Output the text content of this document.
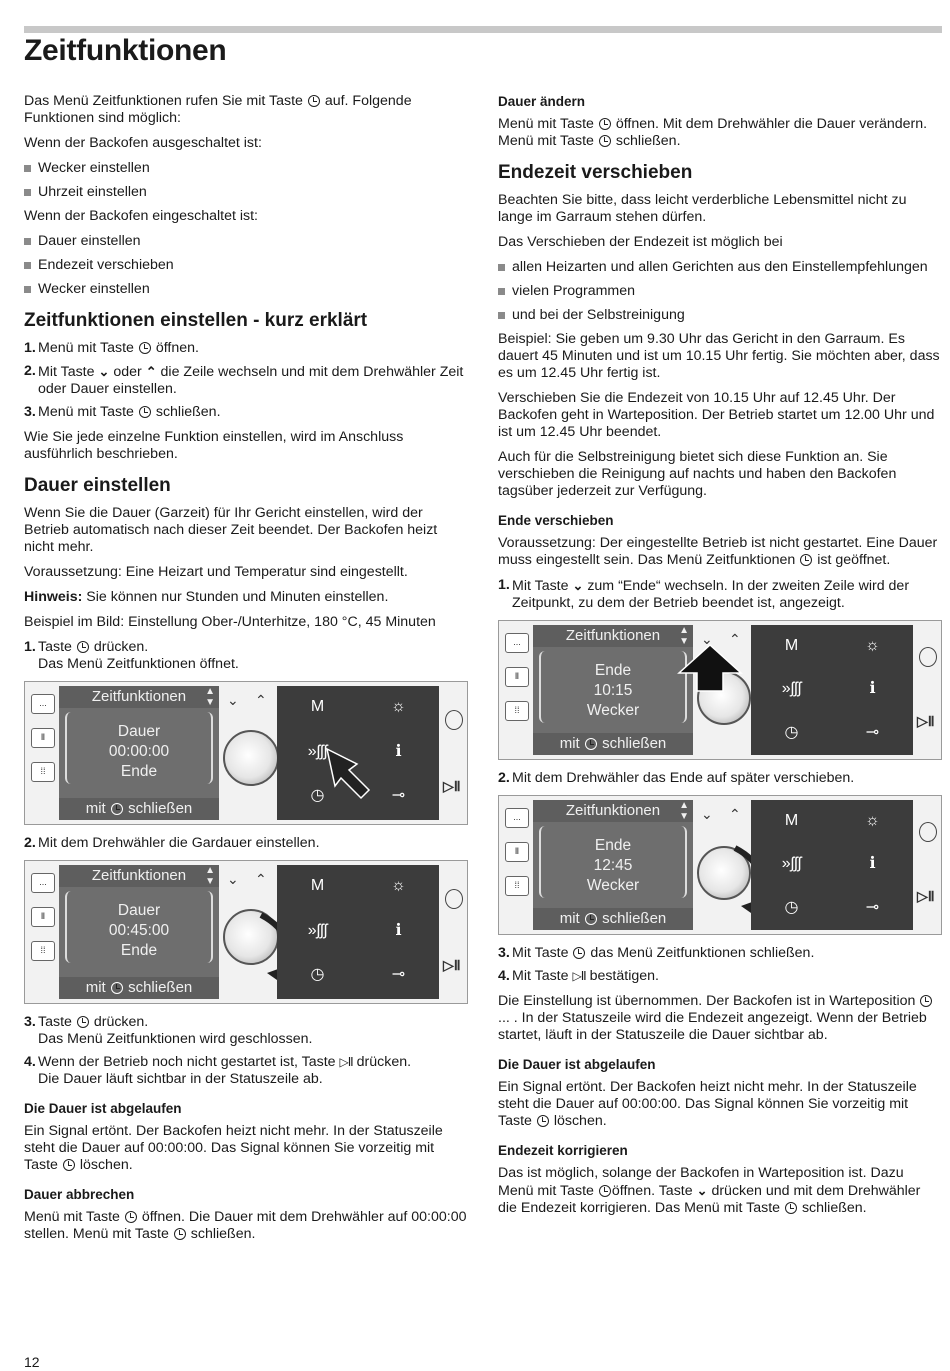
Zeitfunktionen

Das Menü Zeitfunktionen rufen Sie mit Taste auf. Folgende Funktionen sind möglich:

Wenn der Backofen ausgeschaltet ist:

Wecker einstellen
Uhrzeit einstellen

Wenn der Backofen eingeschaltet ist:

Dauer einstellen
Endezeit verschieben
Wecker einstellen
Zeitfunktionen einstellen - kurz erklärt
1. Menü mit Taste öffnen.
2. Mit Taste ⌄ oder ⌃ die Zeile wechseln und mit dem Drehwähler Zeit oder Dauer einstellen.
3. Menü mit Taste schließen.

Wie Sie jede einzelne Funktion einstellen, wird im Anschluss ausführlich beschrieben.

Dauer einstellen

Wenn Sie die Dauer (Garzeit) für Ihr Gericht einstellen, wird der Betrieb automatisch nach dieser Zeit beendet. Der Backofen heizt nicht mehr.

Voraussetzung: Eine Heizart und Temperatur sind eingestellt.

Hinweis: Sie können nur Stunden und Minuten einstellen.

Beispiel im Bild: Einstellung Ober-/Unterhitze, 180 °C, 45 Minuten

1. Taste drücken.
Das Menü Zeitfunktionen öffnet.
...
Ⅱ
⁞⁞
Zeitfunktionen ▲
▼
Dauer
00:00:00
Ende
mit schließen
⌄ ⌃	M	☼
»ʃʃʃ	ℹ
◷	⊸
▷Ⅱ
2. Mit dem Drehwähler die Gardauer einstellen.
...
Ⅱ
⁞⁞
Zeitfunktionen ▲
▼
Dauer
00:45:00
Ende
mit schließen
⌄ ⌃	M	☼
»ʃʃʃ	ℹ
◷	⊸
▷Ⅱ
3. Taste drücken.
Das Menü Zeitfunktionen wird geschlossen.
4. Wenn der Betrieb noch nicht gestartet ist, Taste ▷Ⅱ drücken.
Die Dauer läuft sichtbar in der Statuszeile ab.
Die Dauer ist abgelaufen

Ein Signal ertönt. Der Backofen heizt nicht mehr. In der Statuszeile steht die Dauer auf 00:00:00. Das Signal können Sie vorzeitig mit Taste löschen.

Dauer abbrechen

Menü mit Taste öffnen. Die Dauer mit dem Drehwähler auf 00:00:00 stellen. Menü mit Taste schließen.

Dauer ändern

Menü mit Taste öffnen. Mit dem Drehwähler die Dauer verändern. Menü mit Taste schließen.

Endezeit verschieben

Beachten Sie bitte, dass leicht verderbliche Lebensmittel nicht zu lange im Garraum stehen dürfen.

Das Verschieben der Endezeit ist möglich bei

allen Heizarten und allen Gerichten aus den Einstellempfehlungen
vielen Programmen
und bei der Selbstreinigung

Beispiel: Sie geben um 9.30 Uhr das Gericht in den Garraum. Es dauert 45 Minuten und ist um 10.15 Uhr fertig. Sie möchten aber, dass es um 12.45 Uhr fertig ist.

Verschieben Sie die Endezeit von 10.15 Uhr auf 12.45 Uhr. Der Backofen geht in Warteposition. Der Betrieb startet um 12.00 Uhr und ist um 12.45 Uhr beendet.

Auch für die Selbstreinigung bietet sich diese Funktion an. Sie verschieben die Reinigung auf nachts und haben den Backofen tagsüber jederzeit zur Verfügung.

Ende verschieben

Voraussetzung: Der eingestellte Betrieb ist nicht gestartet. Eine Dauer muss eingestellt sein. Das Menü Zeitfunktionen ist geöffnet.

1. Mit Taste ⌄ zum “Ende“ wechseln. In der zweiten Zeile wird der Zeitpunkt, zu dem der Betrieb beendet ist, angezeigt.
...
Ⅱ
⁞⁞
Zeitfunktionen ▲
▼
Ende
10:15
Wecker
mit schließen
⌄ ⌃	M	☼
»ʃʃʃ	ℹ
◷	⊸
▷Ⅱ
2. Mit dem Drehwähler das Ende auf später verschieben.
...
Ⅱ
⁞⁞
Zeitfunktionen ▲
▼
Ende
12:45
Wecker
mit schließen
⌄ ⌃	M	☼
»ʃʃʃ	ℹ
◷	⊸
▷Ⅱ
3. Mit Taste das Menü Zeitfunktionen schließen.
4. Mit Taste ▷Ⅱ bestätigen.

Die Einstellung ist übernommen. Der Backofen ist in Warteposition ... . In der Statuszeile wird die Endezeit angezeigt. Wenn der Betrieb startet, läuft in der Statuszeile die Dauer sichtbar ab.

Die Dauer ist abgelaufen

Ein Signal ertönt. Der Backofen heizt nicht mehr. In der Statuszeile steht die Dauer auf 00:00:00. Das Signal können Sie vorzeitig mit Taste löschen.

Endezeit korrigieren

Das ist möglich, solange der Backofen in Warteposition ist. Dazu Menü mit Taste öffnen. Taste ⌄ drücken und mit dem Drehwähler die Endezeit korrigieren. Das Menü mit Taste schließen.

12
